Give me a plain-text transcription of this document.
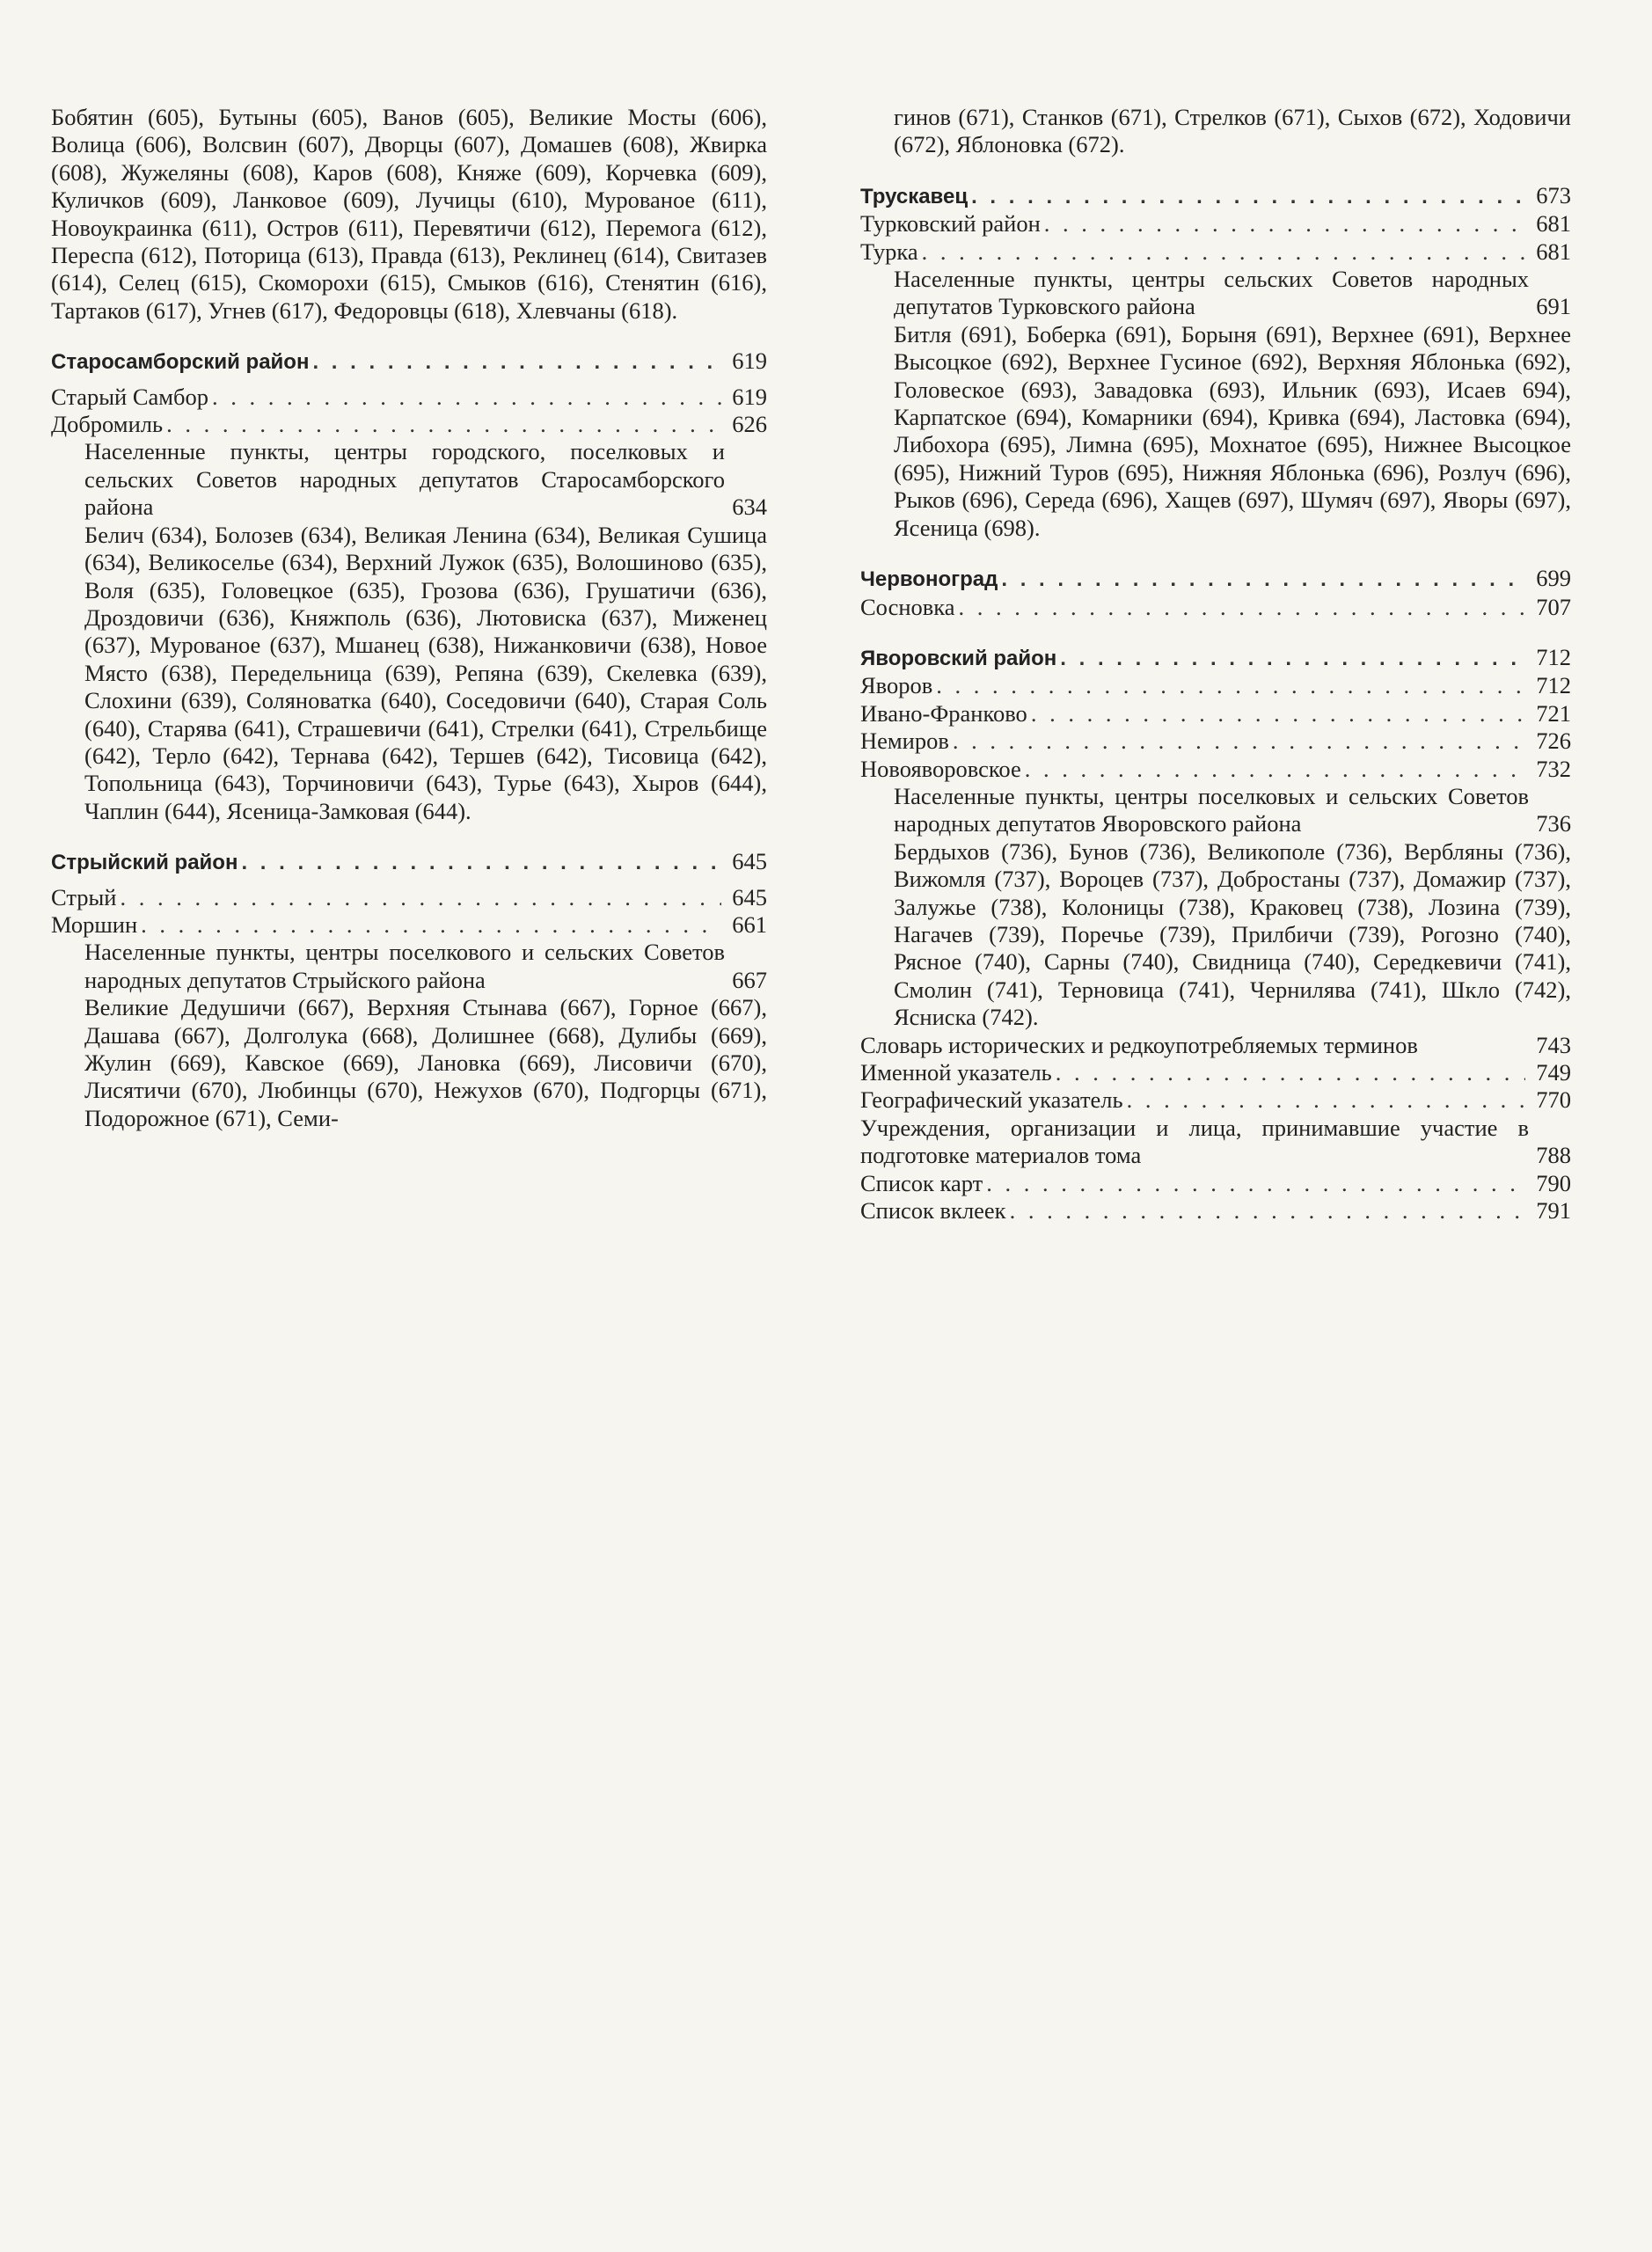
Бобятин (605), Бутыны (605), Ванов (605), Великие Мосты (606), Волица (606), Волсвин (607), Дворцы (607), Домашев (608), Жвирка (608), Жужеляны (608), Каров (608), Княже (609), Корчевка (609), Куличков (609), Ланковое (609), Лучицы (610), Мурованое (611), Новоукраинка (611), Остров (611), Перевятичи (612), Перемога (612), Переспа (612), Поторица (613), Правда (613), Реклинец (614), Свитазев (614), Селец (615), Скоморохи (615), Смыков (616), Стенятин (616), Тартаков (617), Угнев (617), Федоровцы (618), Хлевчаны (618).

Старосамборский район . . .	619
Старый Самбор . . .	619
Добромиль . . .	626
Населенные пункты, центры городского, поселковых и сельских Советов народных депутатов Старосамборского района	634

Белич (634), Болозев (634), Великая Ленина (634), Великая Сушица (634), Великоселье (634), Верхний Лужок (635), Волошиново (635), Воля (635), Головецкое (635), Грозова (636), Грушатичи (636), Дроздовичи (636), Княжполь (636), Лютовиска (637), Миженец (637), Мурованое (637), Мшанец (638), Нижанковичи (638), Новое Място (638), Передельница (639), Репяна (639), Скелевка (639), Слохини (639), Соляноватка (640), Соседовичи (640), Старая Соль (640), Старява (641), Страшевичи (641), Стрелки (641), Стрельбище (642), Терло (642), Тернава (642), Тершев (642), Тисовица (642), Топольница (643), Торчиновичи (643), Турье (643), Хыров (644), Чаплин (644), Ясеница-Замковая (644).

Стрыйский район . . .	645
Стрый . . .	645
Моршин . . .	661
Населенные пункты, центры поселкового и сельских Советов народных депутатов Стрыйского района	667

Великие Дедушичи (667), Верхняя Стынава (667), Горное (667), Дашава (667), Долголука (668), Долишнее (668), Дулибы (669), Жулин (669), Кавское (669), Лановка (669), Лисовичи (670), Лисятичи (670), Любинцы (670), Нежухов (670), Подгорцы (671), Подорожное (671), Семи-

гинов (671), Станков (671), Стрелков (671), Сыхов (672), Ходовичи (672), Яблоновка (672).

Трускавец . . .	673
Турковский район . . .	681
Турка . . .	681
Населенные пункты, центры сельских Советов народных депутатов Турковского района	691

Битля (691), Боберка (691), Борыня (691), Верхнее (691), Верхнее Высоцкое (692), Верхнее Гусиное (692), Верхняя Яблонька (692), Головеское (693), Завадовка (693), Ильник (693), Исаев 694), Карпатское (694), Комарники (694), Кривка (694), Ластовка (694), Либохора (695), Лимна (695), Мохнатое (695), Нижнее Высоцкое (695), Нижний Туров (695), Нижняя Яблонька (696), Розлуч (696), Рыков (696), Середа (696), Хащев (697), Шумяч (697), Яворы (697), Ясеница (698).

Червоноград . . .	699
Сосновка . . .	707
Яворовский район . . .	712
Яворов . . .	712
Ивано-Франково . . .	721
Немиров . . .	726
Новояворовское . . .	732
Населенные пункты, центры поселковых и сельских Советов народных депутатов Яворовского района	736

Бердыхов (736), Бунов (736), Великополе (736), Вербляны (736), Вижомля (737), Вороцев (737), Добростаны (737), Домажир (737), Залужье (738), Колоницы (738), Краковец (738), Лозина (739), Нагачев (739), Поречье (739), Прилбичи (739), Рогозно (740), Рясное (740), Сарны (740), Свидница (740), Середкевичи (741), Смолин (741), Терновица (741), Чернилява (741), Шкло (742), Ясниска (742).

Словарь исторических и редкоупотребляемых терминов	743
Именной указатель . . .	749
Географический указатель . . .	770
Учреждения, организации и лица, принимавшие участие в подготовке материалов тома	788
Список карт . . .	790
Список вклеек . . .	791
